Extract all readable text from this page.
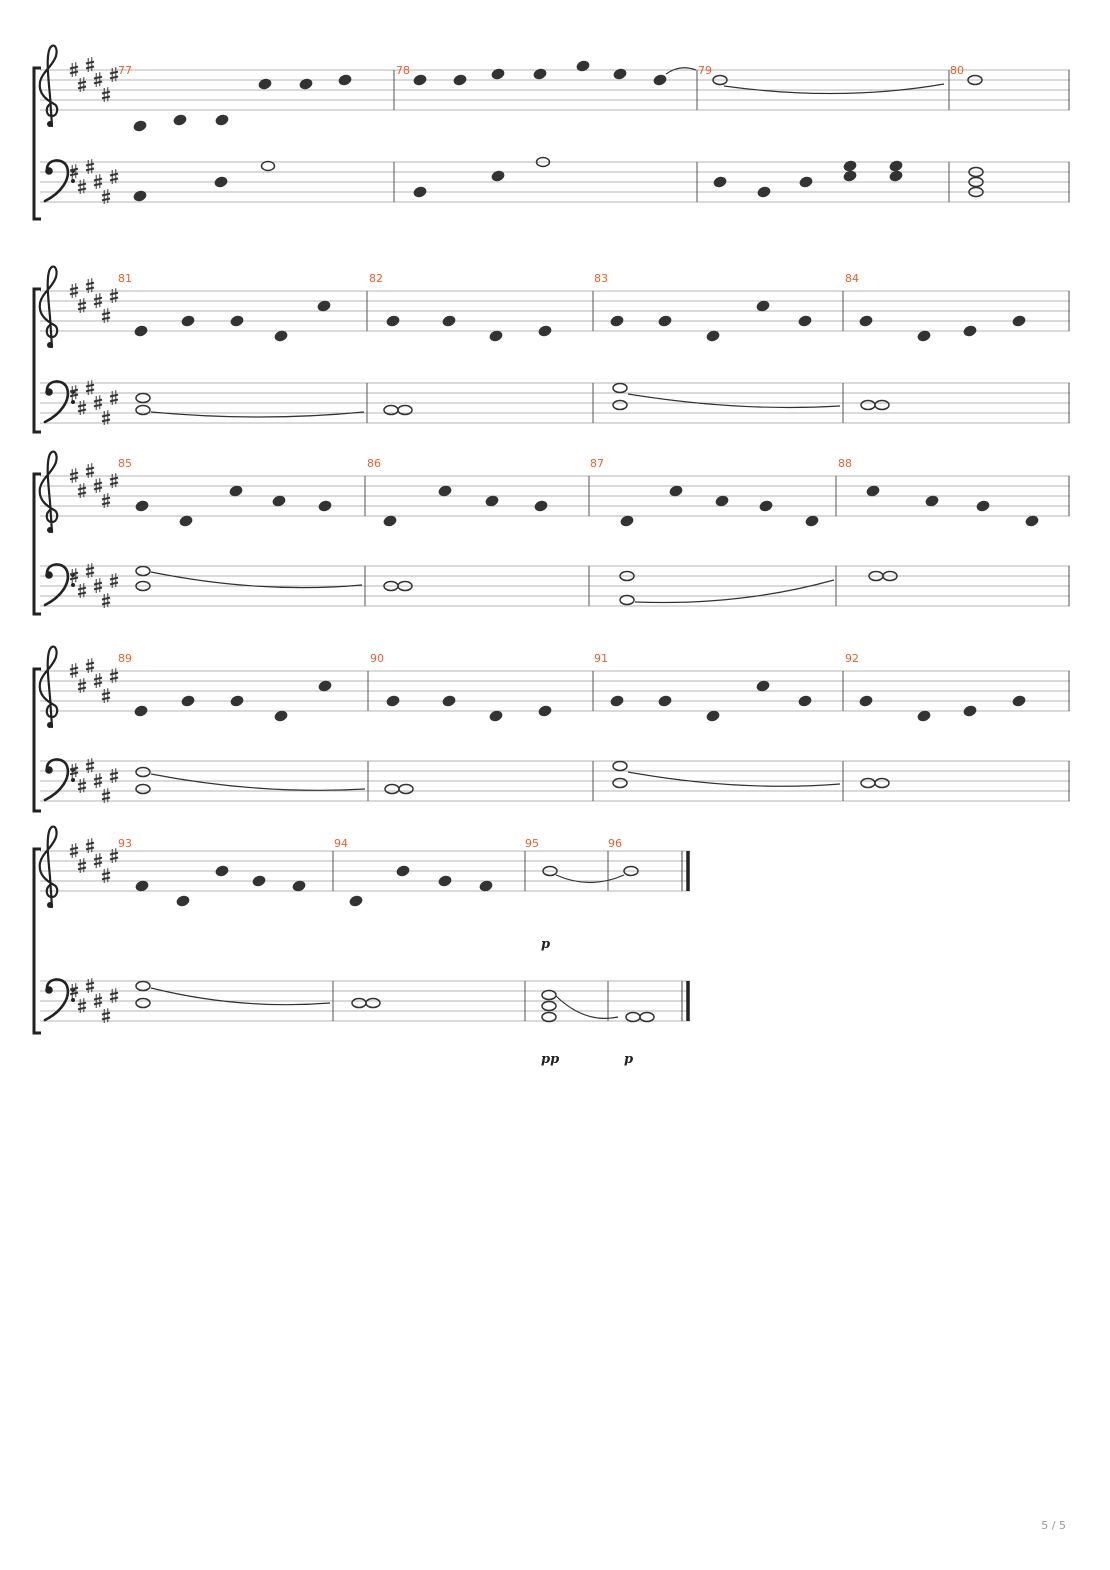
77	78	79	80
81	82	83	84
85	86	87	88
89	90	91	92
93	94	95	96
p
pp	p
5 / 5
